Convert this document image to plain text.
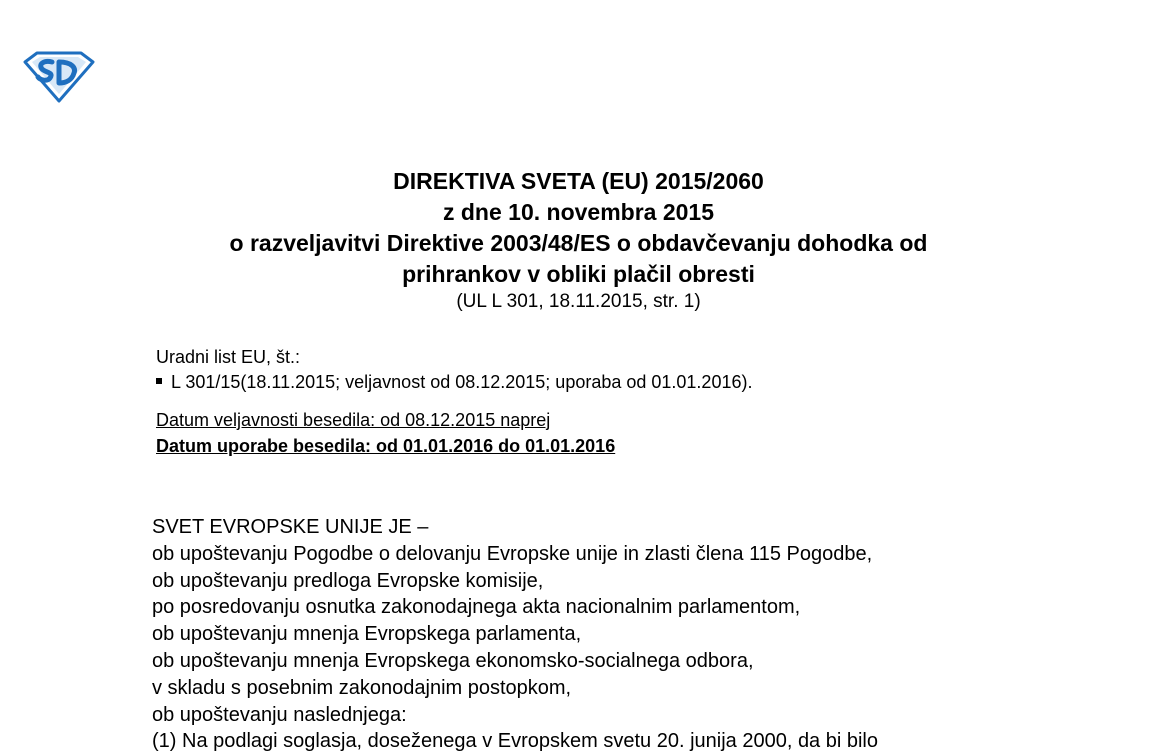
DIREKTIVA SVETA (EU) 2015/2060
z dne 10. novembra 2015
o razveljavitvi Direktive 2003/48/ES o obdavčevanju dohodka od
prihrankov v obliki plačil obresti
(UL L 301, 18.11.2015, str. 1)
Uradni list EU, št.:
L 301/15(18.11.2015; veljavnost od 08.12.2015; uporaba od 01.01.2016).
Datum veljavnosti besedila: od 08.12.2015 naprej
Datum uporabe besedila: od 01.01.2016 do 01.01.2016
SVET EVROPSKE UNIJE JE –
ob upoštevanju Pogodbe o delovanju Evropske unije in zlasti člena 115 Pogodbe,
ob upoštevanju predloga Evropske komisije,
po posredovanju osnutka zakonodajnega akta nacionalnim parlamentom,
ob upoštevanju mnenja Evropskega parlamenta,
ob upoštevanju mnenja Evropskega ekonomsko-socialnega odbora,
v skladu s posebnim zakonodajnim postopkom,
ob upoštevanju naslednjega:
(1) Na podlagi soglasja, doseženega v Evropskem svetu 20. junija 2000, da bi bilo
